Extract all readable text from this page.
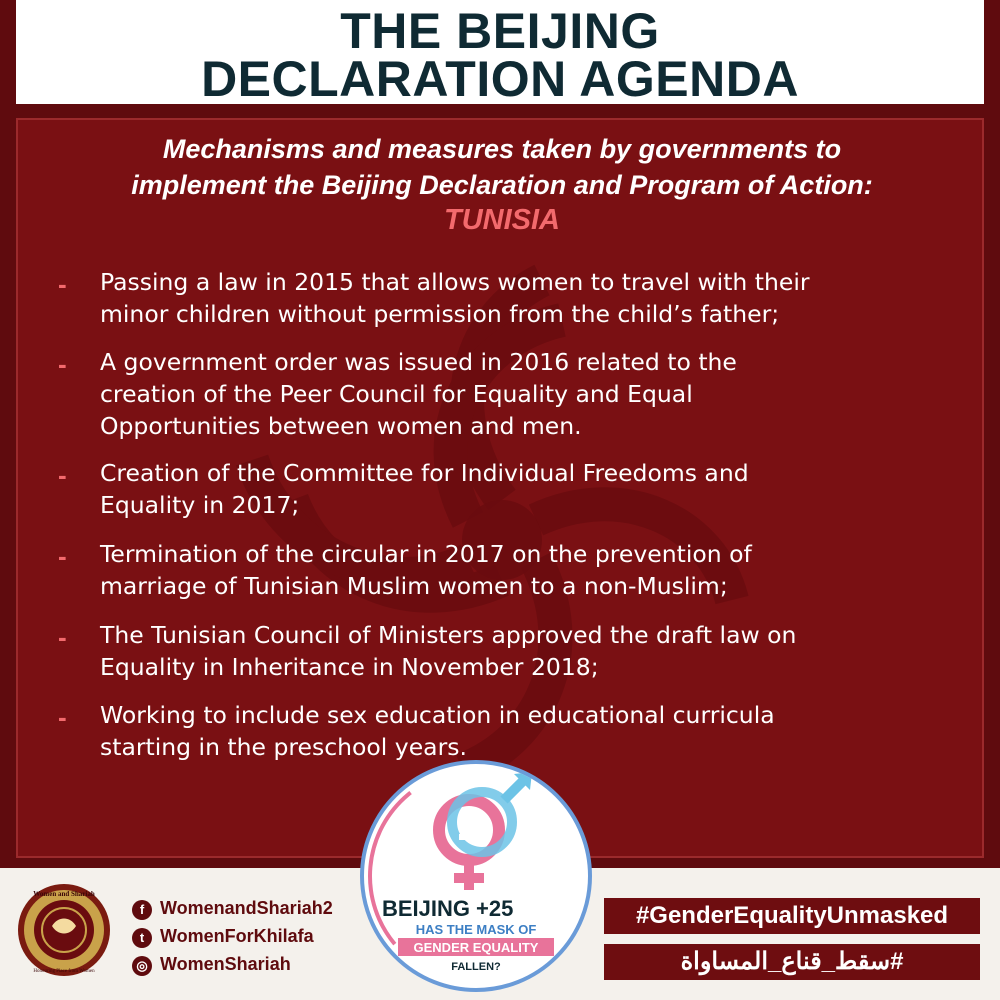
THE BEIJING
DECLARATION AGENDA
Mechanisms and measures taken by governments to
implement the Beijing Declaration and Program of Action:
TUNISIA
- Passing a law in 2015 that allows women to travel with their
minor children without permission from the child’s father;
- A government order was issued in 2016 related to the
creation of the Peer Council for Equality and Equal
Opportunities between women and men.
- Creation of the Committee for Individual Freedoms and
Equality in 2017;
- Termination of the circular in 2017 on the prevention of
marriage of Tunisian Muslim women to a non-Muslim;
- The Tunisian Council of Ministers approved the draft law on
Equality in Inheritance in November 2018;
- Working to include sex education in educational curricula
starting in the preschool years.
BEIJING +25
HAS THE MASK OF
GENDER EQUALITY
FALLEN?
Women and Shariah
Honouring Place from Women
f WomenandShariah2
t WomenForKhilafa
◎ WomenShariah
#GenderEqualityUnmasked
#سقط_قناع_المساواة
